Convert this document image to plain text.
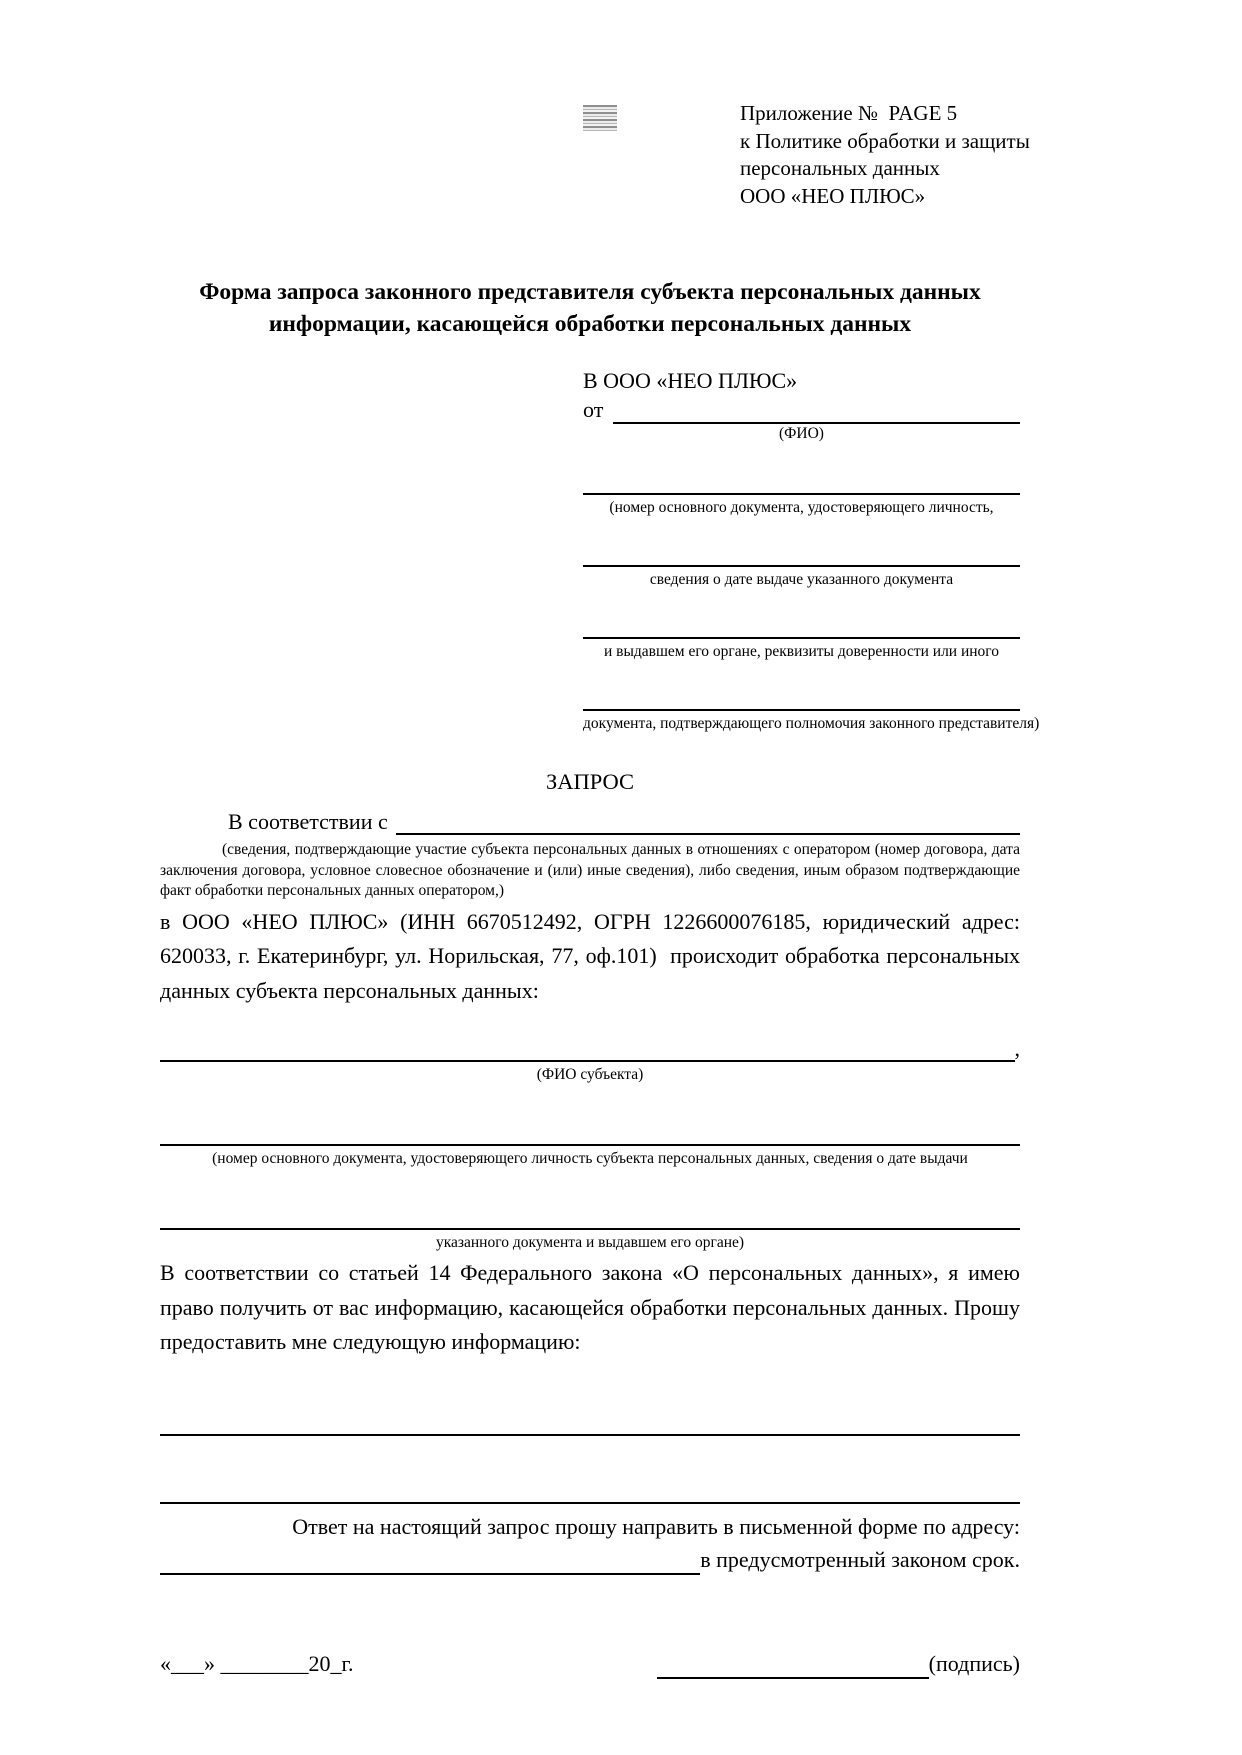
Приложение №  PAGE 5
к Политике обработки и защиты
персональных данных
ООО «НЕО ПЛЮС»
Форма запроса законного представителя субъекта персональных данных
информации, касающейся обработки персональных данных
В ООО «НЕО ПЛЮС»
от
(ФИО)
(номер основного документа, удостоверяющего личность,
сведения о дате выдаче указанного документа
и выдавшем его органе, реквизиты доверенности или иного
документа, подтверждающего полномочия законного представителя)
ЗАПРОС
В соответствии с
(сведения, подтверждающие участие субъекта персональных данных в отношениях с оператором (номер договора, дата заключения договора, условное словесное обозначение и (или) иные сведения), либо сведения, иным образом подтверждающие факт обработки персональных данных оператором,)
в ООО «НЕО ПЛЮС» (ИНН 6670512492, ОГРН 1226600076185, юридический адрес: 620033, г. Екатеринбург, ул. Норильская, 77, оф.101)  происходит обработка персональных данных субъекта персональных данных:
,
(ФИО субъекта)
(номер основного документа, удостоверяющего личность субъекта персональных данных, сведения о дате выдачи
указанного документа и выдавшем его органе)
В соответствии со статьей 14 Федерального закона «О персональных данных», я имею право получить от вас информацию, касающейся обработки персональных данных. Прошу предоставить мне следующую информацию:
Ответ на настоящий запрос прошу направить в письменной форме по адресу:
в предусмотренный законом срок.
«___» ________20_г.	(подпись)
